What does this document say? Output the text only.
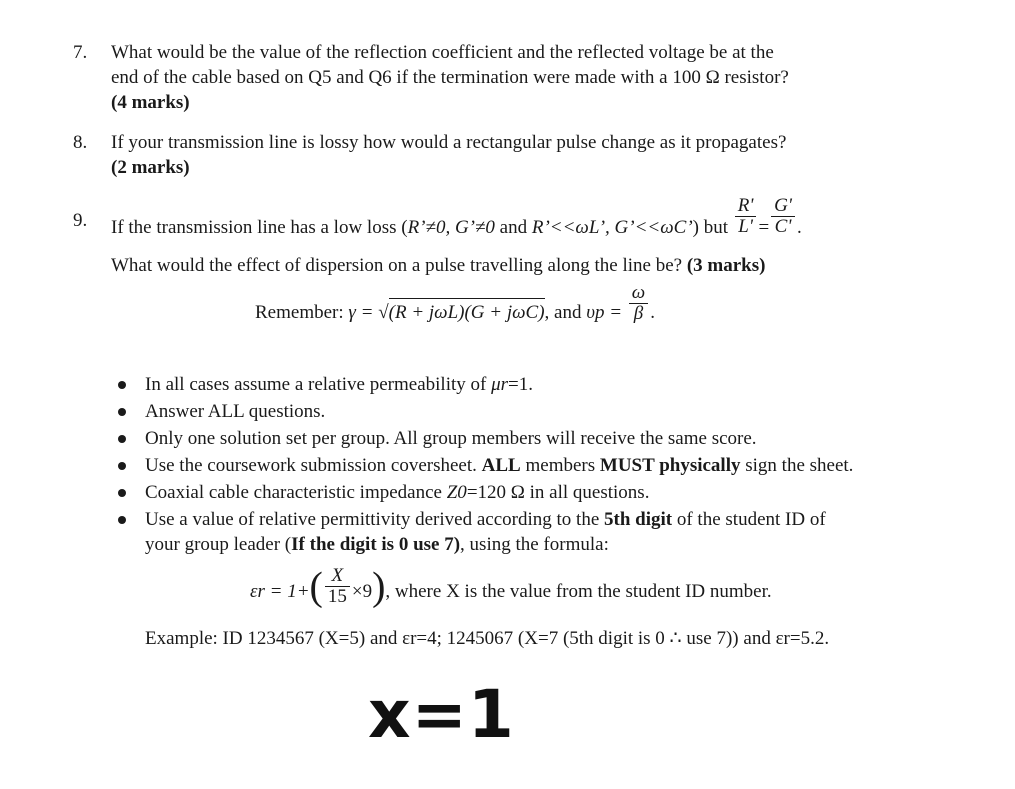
7. What would be the value of the reflection coefficient and the reflected voltage be at the
end of the cable based on Q5 and Q6 if the termination were made with a 100 Ω resistor?
(4 marks)
8. If your transmission line is lossy how would a rectangular pulse change as it propagates?
(2 marks)
9. If the transmission line has a low loss (R’≠0, G’≠0 and R’<<ωL’, G’<<ωC’) but $\frac{R'}{L'} = \frac{G'}{C'}$ .
What would the effect of dispersion on a pulse travelling along the line be? (3 marks)
Remember: γ = √(R + jωL)(G + jωC), and $\upsilon p = \frac{\omega}{\beta}$ .
In all cases assume a relative permeability of μr=1.
Answer ALL questions.
Only one solution set per group. All group members will receive the same score.
Use the coursework submission coversheet. ALL members MUST physically sign the sheet.
Coaxial cable characteristic impedance Z0=120 Ω in all questions.
Use a value of relative permittivity derived according to the 5th digit of the student ID of
your group leader (If the digit is 0 use 7), using the formula:
$\varepsilon r = 1+( \frac{X}{15} \times 9)$, where X is the value from the student ID number.
Example: ID 1234567 (X=5) and εr=4; 1245067 (X=7 (5th digit is 0 ∴ use 7)) and εr=5.2.
x=1
